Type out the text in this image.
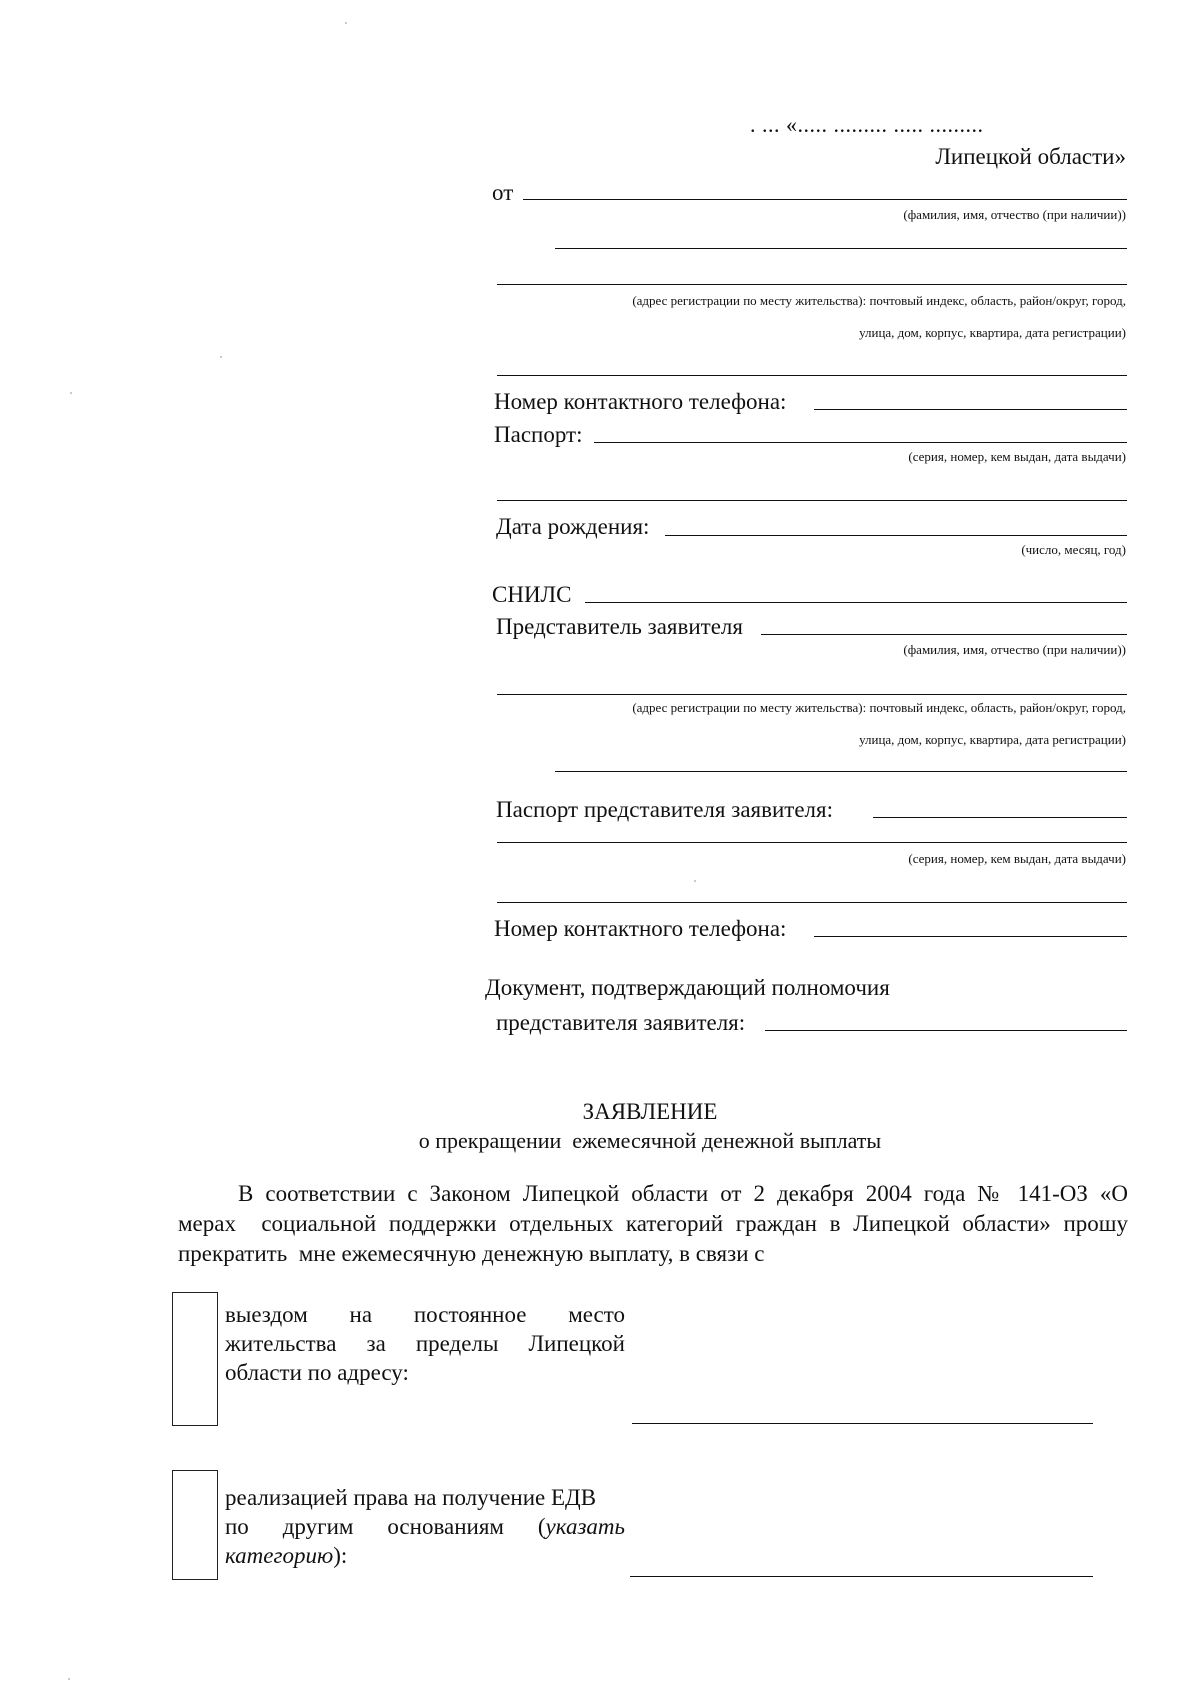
. ... «..... ......... ..... .........
Липецкой области»
от
(фамилия, имя, отчество (при наличии))
(адрес регистрации по месту жительства): почтовый индекс, область, район/округ, город,
улица, дом, корпус, квартира, дата регистрации)
Номер контактного телефона:
Паспорт:
(серия, номер, кем выдан, дата выдачи)
Дата рождения:
(число, месяц, год)
СНИЛС
Представитель заявителя
(фамилия, имя, отчество (при наличии))
(адрес регистрации по месту жительства): почтовый индекс, область, район/округ, город,
улица, дом, корпус, квартира, дата регистрации)
Паспорт представителя заявителя:
(серия, номер, кем выдан, дата выдачи)
Номер контактного телефона:
Документ, подтверждающий полномочия
представителя заявителя:
ЗАЯВЛЕНИЕ
о прекращении  ежемесячной денежной выплаты
В соответствии с Законом Липецкой области от 2 декабря 2004 года № 141-ОЗ «О
мерах  социальной поддержки отдельных категорий граждан в Липецкой области» прошу
прекратить  мне ежемесячную денежную выплату, в связи с
выездом на постоянное место
жительства за пределы Липецкой
области по адресу:
реализацией права на получение ЕДВ
по другим основаниям (указать
категорию):
